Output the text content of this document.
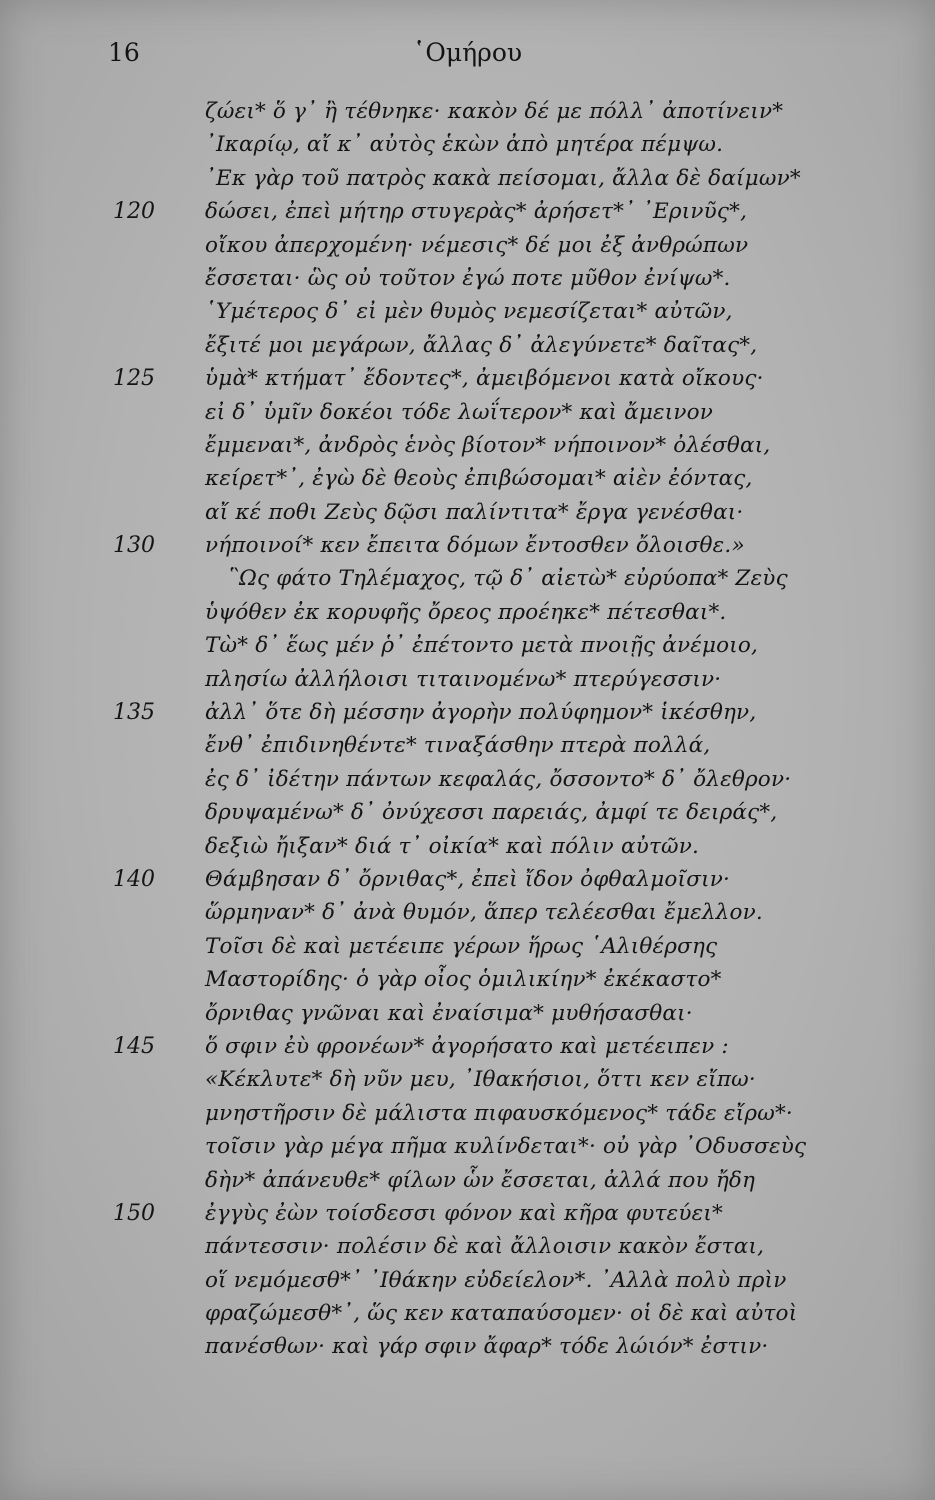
16	῾Ομήρου
ζώει* ὅ γ᾽ ἢ τέθνηκε· κακὸν δέ με πόλλ᾽ ἀποτίνειν*
᾽Ικαρίῳ, αἴ κ᾽ αὐτὸς ἑκὼν ἀπὸ μητέρα πέμψω.
᾽Εκ γὰρ τοῦ πατρὸς κακὰ πείσομαι, ἄλλα δὲ δαίμων*
120	δώσει, ἐπεὶ μήτηρ στυγερὰς* ἀρήσετ*᾽ ᾽Ερινῦς*,
οἴκου ἀπερχομένη· νέμεσις* δέ μοι ἐξ ἀνθρώπων
ἔσσεται· ὣς οὐ τοῦτον ἐγώ ποτε μῦθον ἐνίψω*.
῾Υμέτερος δ᾽ εἰ μὲν θυμὸς νεμεσίζεται* αὐτῶν,
ἔξιτέ μοι μεγάρων, ἄλλας δ᾽ ἀλεγύνετε* δαῖτας*,
125	ὑμὰ* κτήματ᾽ ἔδοντες*, ἀμειβόμενοι κατὰ οἴκους·
εἰ δ᾽ ὑμῖν δοκέοι τόδε λωΐτερον* καὶ ἄμεινον
ἔμμεναι*, ἀνδρὸς ἑνὸς βίοτον* νήποινον* ὀλέσθαι,
κείρετ*᾽, ἐγὼ δὲ θεοὺς ἐπιβώσομαι* αἰὲν ἐόντας,
αἴ κέ ποθι Ζεὺς δῷσι παλίντιτα* ἔργα γενέσθαι·
130	νήποινοί* κεν ἔπειτα δόμων ἔντοσθεν ὄλοισθε.»
῝Ως φάτο Τηλέμαχος, τῷ δ᾽ αἰετὼ* εὐρύοπα* Ζεὺς
ὑψόθεν ἐκ κορυφῆς ὄρεος προέηκε* πέτεσθαι*.
Τὼ* δ᾽ ἕως μέν ῥ᾽ ἐπέτοντο μετὰ πνοιῇς ἀνέμοιο,
πλησίω ἀλλήλοισι τιταινομένω* πτερύγεσσιν·
135	ἀλλ᾽ ὅτε δὴ μέσσην ἀγορὴν πολύφημον* ἱκέσθην,
ἔνθ᾽ ἐπιδινηθέντε* τιναξάσθην πτερὰ πολλά,
ἐς δ᾽ ἰδέτην πάντων κεφαλάς, ὄσσοντο* δ᾽ ὄλεθρον·
δρυψαμένω* δ᾽ ὀνύχεσσι παρειάς, ἀμφί τε δειράς*,
δεξιὼ ἤιξαν* διά τ᾽ οἰκία* καὶ πόλιν αὐτῶν.
140	Θάμβησαν δ᾽ ὄρνιθας*, ἐπεὶ ἴδον ὀφθαλμοῖσιν·
ὥρμηναν* δ᾽ ἀνὰ θυμόν, ἅπερ τελέεσθαι ἔμελλον.
Τοῖσι δὲ καὶ μετέειπε γέρων ἥρως ῾Αλιθέρσης
Μαστορίδης· ὁ γὰρ οἶος ὁμιλικίην* ἐκέκαστο*
ὄρνιθας γνῶναι καὶ ἐναίσιμα* μυθήσασθαι·
145	ὅ σφιν ἐὺ φρονέων* ἀγορήσατο καὶ μετέειπεν :
«Κέκλυτε* δὴ νῦν μευ, ᾽Ιθακήσιοι, ὅττι κεν εἴπω·
μνηστῆρσιν δὲ μάλιστα πιφαυσκόμενος* τάδε εἴρω*·
τοῖσιν γὰρ μέγα πῆμα κυλίνδεται*· οὐ γὰρ ᾽Οδυσσεὺς
δὴν* ἀπάνευθε* φίλων ὧν ἔσσεται, ἀλλά που ἤδη
150	ἐγγὺς ἐὼν τοίσδεσσι φόνον καὶ κῆρα φυτεύει*
πάντεσσιν· πολέσιν δὲ καὶ ἄλλοισιν κακὸν ἔσται,
οἵ νεμόμεσθ*᾽ ᾽Ιθάκην εὐδείελον*. ᾽Αλλὰ πολὺ πρὶν
φραζώμεσθ*᾽, ὥς κεν καταπαύσομεν· οἱ δὲ καὶ αὐτοὶ
πανέσθων· καὶ γάρ σφιν ἄφαρ* τόδε λώιόν* ἐστιν·
